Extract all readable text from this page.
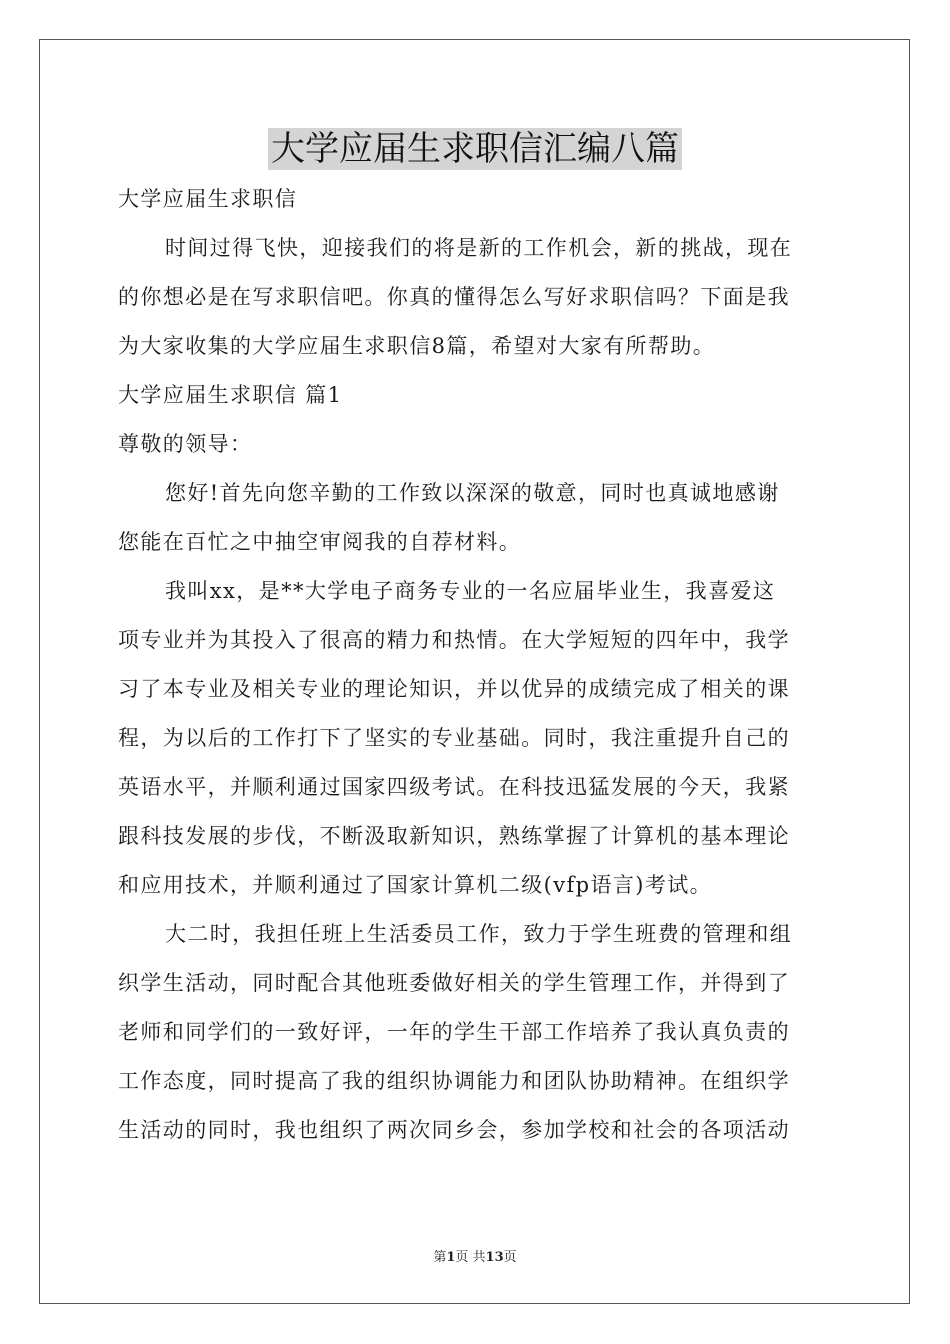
大学应届生求职信汇编八篇
大学应届生求职信
时间过得飞快，迎接我们的将是新的工作机会，新的挑战，现在
的你想必是在写求职信吧。你真的懂得怎么写好求职信吗？下面是我
为大家收集的大学应届生求职信8篇，希望对大家有所帮助。
大学应届生求职信 篇1
尊敬的领导：
您好!首先向您辛勤的工作致以深深的敬意，同时也真诚地感谢
您能在百忙之中抽空审阅我的自荐材料。
我叫xx，是**大学电子商务专业的一名应届毕业生，我喜爱这
项专业并为其投入了很高的精力和热情。在大学短短的四年中，我学
习了本专业及相关专业的理论知识，并以优异的成绩完成了相关的课
程，为以后的工作打下了坚实的专业基础。同时，我注重提升自己的
英语水平，并顺利通过国家四级考试。在科技迅猛发展的今天，我紧
跟科技发展的步伐，不断汲取新知识，熟练掌握了计算机的基本理论
和应用技术，并顺利通过了国家计算机二级(vfp语言)考试。
大二时，我担任班上生活委员工作，致力于学生班费的管理和组
织学生活动，同时配合其他班委做好相关的学生管理工作，并得到了
老师和同学们的一致好评，一年的学生干部工作培养了我认真负责的
工作态度，同时提高了我的组织协调能力和团队协助精神。在组织学
生活动的同时，我也组织了两次同乡会，参加学校和社会的各项活动
第1页 共13页
